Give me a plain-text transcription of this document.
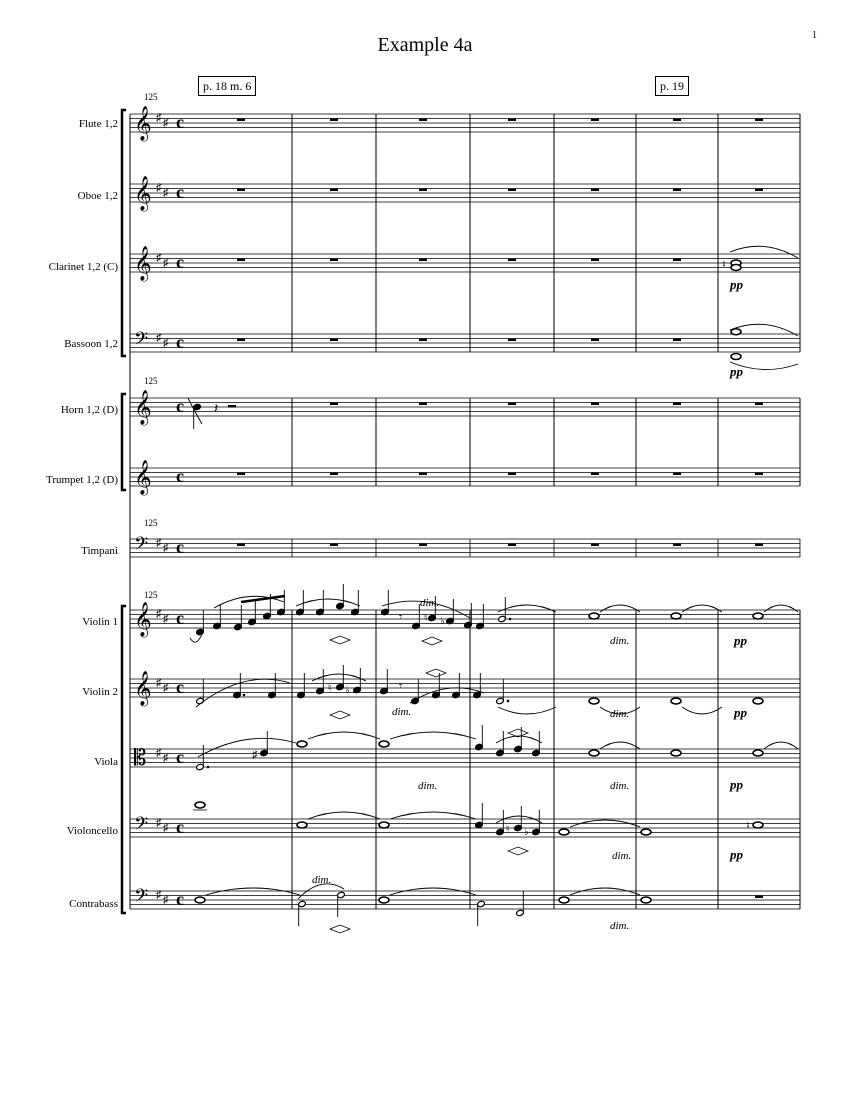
1
Example 4a
p. 18 m. 6	p. 19
125
125
125
125
Flute 1,2
Oboe 1,2
Clarinet 1,2 (C)
Bassoon 1,2
Horn 1,2 (D)
Trumpet 1,2 (D)
Timpani
Violin 1
Violin 2
Viola
Violoncello
Contrabass
𝄞 ♯ ♯ c
𝄞 ♯ ♯ c
𝄞 ♯ ♯ c
𝄢 ♯ ♯ c
𝄞 c
𝄞 c
𝄢 ♯ ♯ c
𝄞 ♯ ♯ c
𝄞 ♯ ♯ c
𝄡 ♯ ♯ c
𝄢 ♯ ♯ c
𝄢 ♯ ♯ c
♮
pp
pp
𝄽
𝄾 ♮ ♭
dim.
dim.	pp
♮ ♭	𝄾
dim.	dim.	pp
♯
dim.	dim.	pp
♮ ♭
dim.
♮
pp
dim.
dim.
